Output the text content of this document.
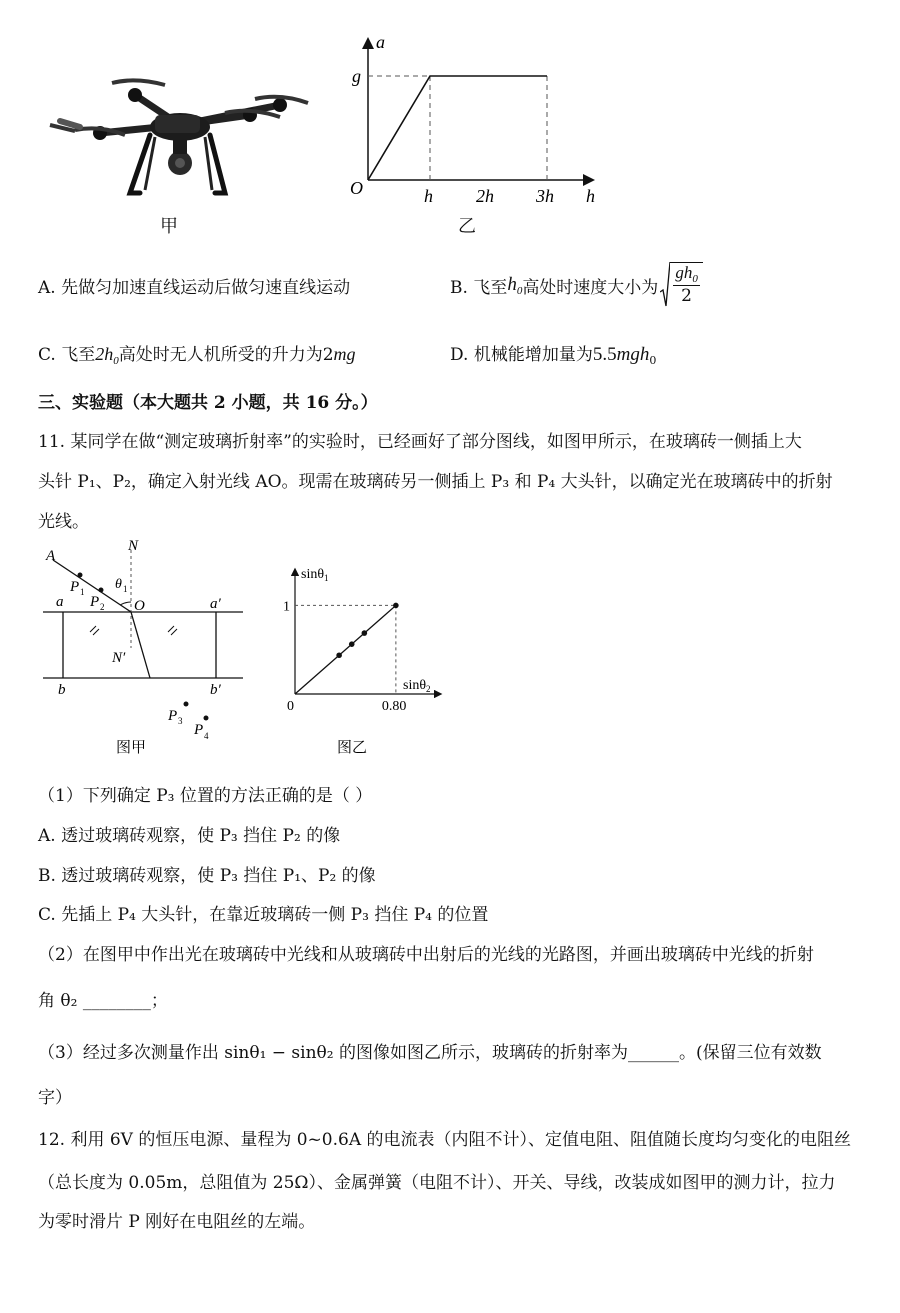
甲
a
g
O	h 2h 3h h
乙
A. 先做匀加速直线运动后做匀速直线运动	B. 飞至 $h_0$ 高处时速度大小为
$gh_0$
2
C. 飞至$2h_0$高处时无人机所受的升力为2mg	D. 机械能增加量为5.5mgh$_0$
三、实验题（本大题共 2 小题，共 16 分。）
11. 某同学在做“测定玻璃折射率”的实验时，已经画好了部分图线，如图甲所示，在玻璃砖一侧插上大
头针 P₁、P₂，确定入射光线 AO。现需在玻璃砖另一侧插上 P₃ 和 P₄ 大头针，以确定光在玻璃砖中的折射
光线。
A
N
θ 1
P 1
P 2 O
a	a′
b	b′
N′
P 3
P 4
图甲
sinθ$_1$
sinθ$_2$
0
1
0.80
图乙
（1）下列确定 P₃ 位置的方法正确的是（ ）
A. 透过玻璃砖观察，使 P₃ 挡住 P₂ 的像
B. 透过玻璃砖观察，使 P₃ 挡住 P₁、P₂ 的像
C. 先插上 P₄ 大头针，在靠近玻璃砖一侧 P₃ 挡住 P₄ 的位置
（2）在图甲中作出光在玻璃砖中光线和从玻璃砖中出射后的光线的光路图，并画出玻璃砖中光线的折射
角 θ₂ ________；
（3）经过多次测量作出 sinθ₁ − sinθ₂ 的图像如图乙所示，玻璃砖的折射率为______。(保留三位有效数
字）
12. 利用 6V 的恒压电源、量程为 0~0.6A 的电流表（内阻不计）、定值电阻、阻值随长度均匀变化的电阻丝
（总长度为 0.05m，总阻值为 25Ω）、金属弹簧（电阻不计）、开关、导线，改装成如图甲的测力计，拉力
为零时滑片 P 刚好在电阻丝的左端。
